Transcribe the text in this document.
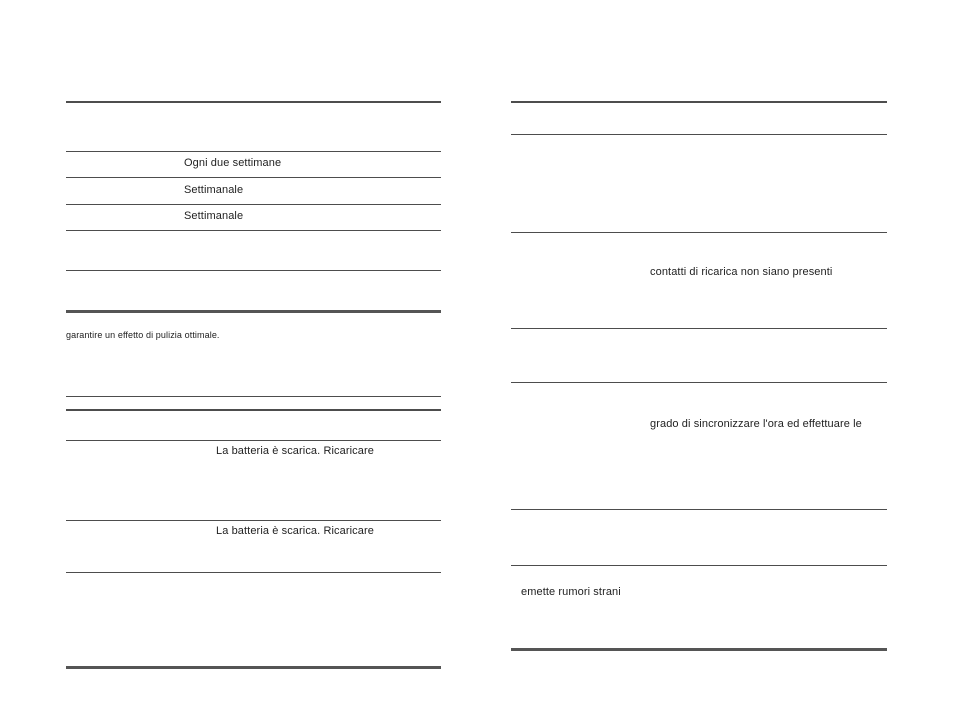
Ogni due settimane
Settimanale
Settimanale
garantire un effetto di pulizia ottimale.
La batteria è scarica. Ricaricare
La batteria è scarica. Ricaricare
contatti di ricarica non siano presenti
grado di sincronizzare l'ora ed effettuare le
emette rumori strani
